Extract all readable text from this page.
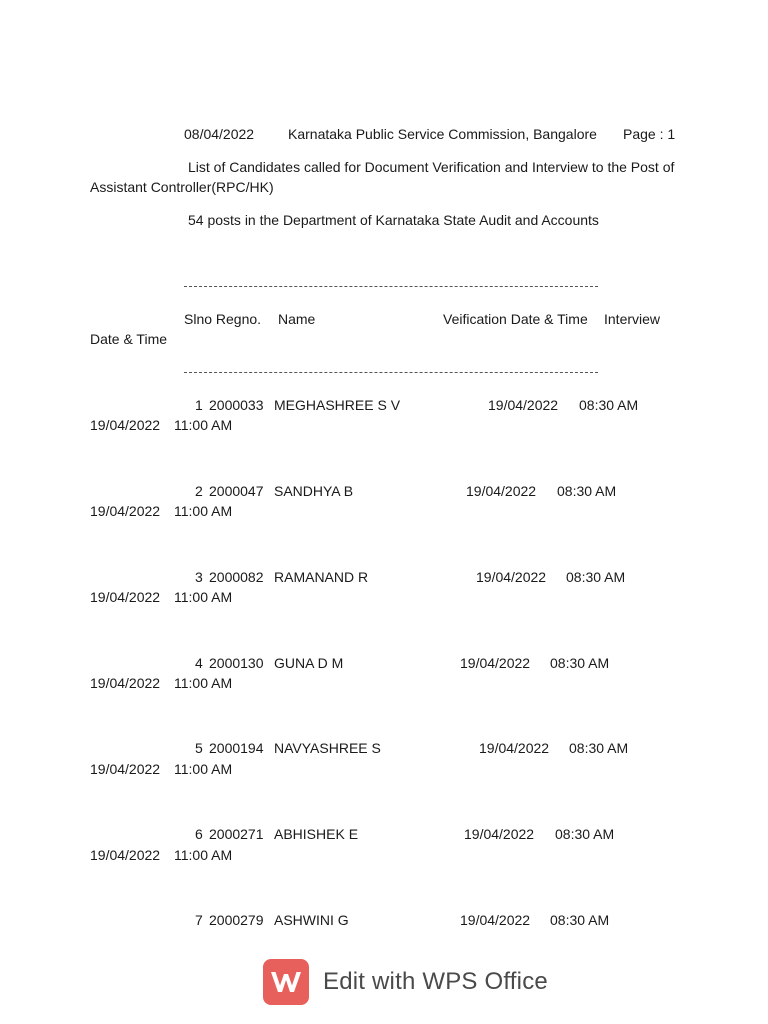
08/04/2022 Karnataka Public Service Commission, Bangalore Page : 1
List of Candidates called for Document Verification and Interview to the Post of
Assistant Controller(RPC/HK)
54 posts in the Department of Karnataka State Audit and Accounts
Slno Regno. Name	Veification Date & Time Interview
Date & Time
1 2000033 MEGHASHREE S V	19/04/2022 08:30 AM
19/04/2022 11:00 AM
2 2000047 SANDHYA B	19/04/2022 08:30 AM
19/04/2022 11:00 AM
3 2000082 RAMANAND R	19/04/2022 08:30 AM
19/04/2022 11:00 AM
4 2000130 GUNA D M	19/04/2022 08:30 AM
19/04/2022 11:00 AM
5 2000194 NAVYASHREE S	19/04/2022 08:30 AM
19/04/2022 11:00 AM
6 2000271 ABHISHEK E	19/04/2022 08:30 AM
19/04/2022 11:00 AM
7 2000279 ASHWINI G	19/04/2022 08:30 AM
Edit with WPS Office
